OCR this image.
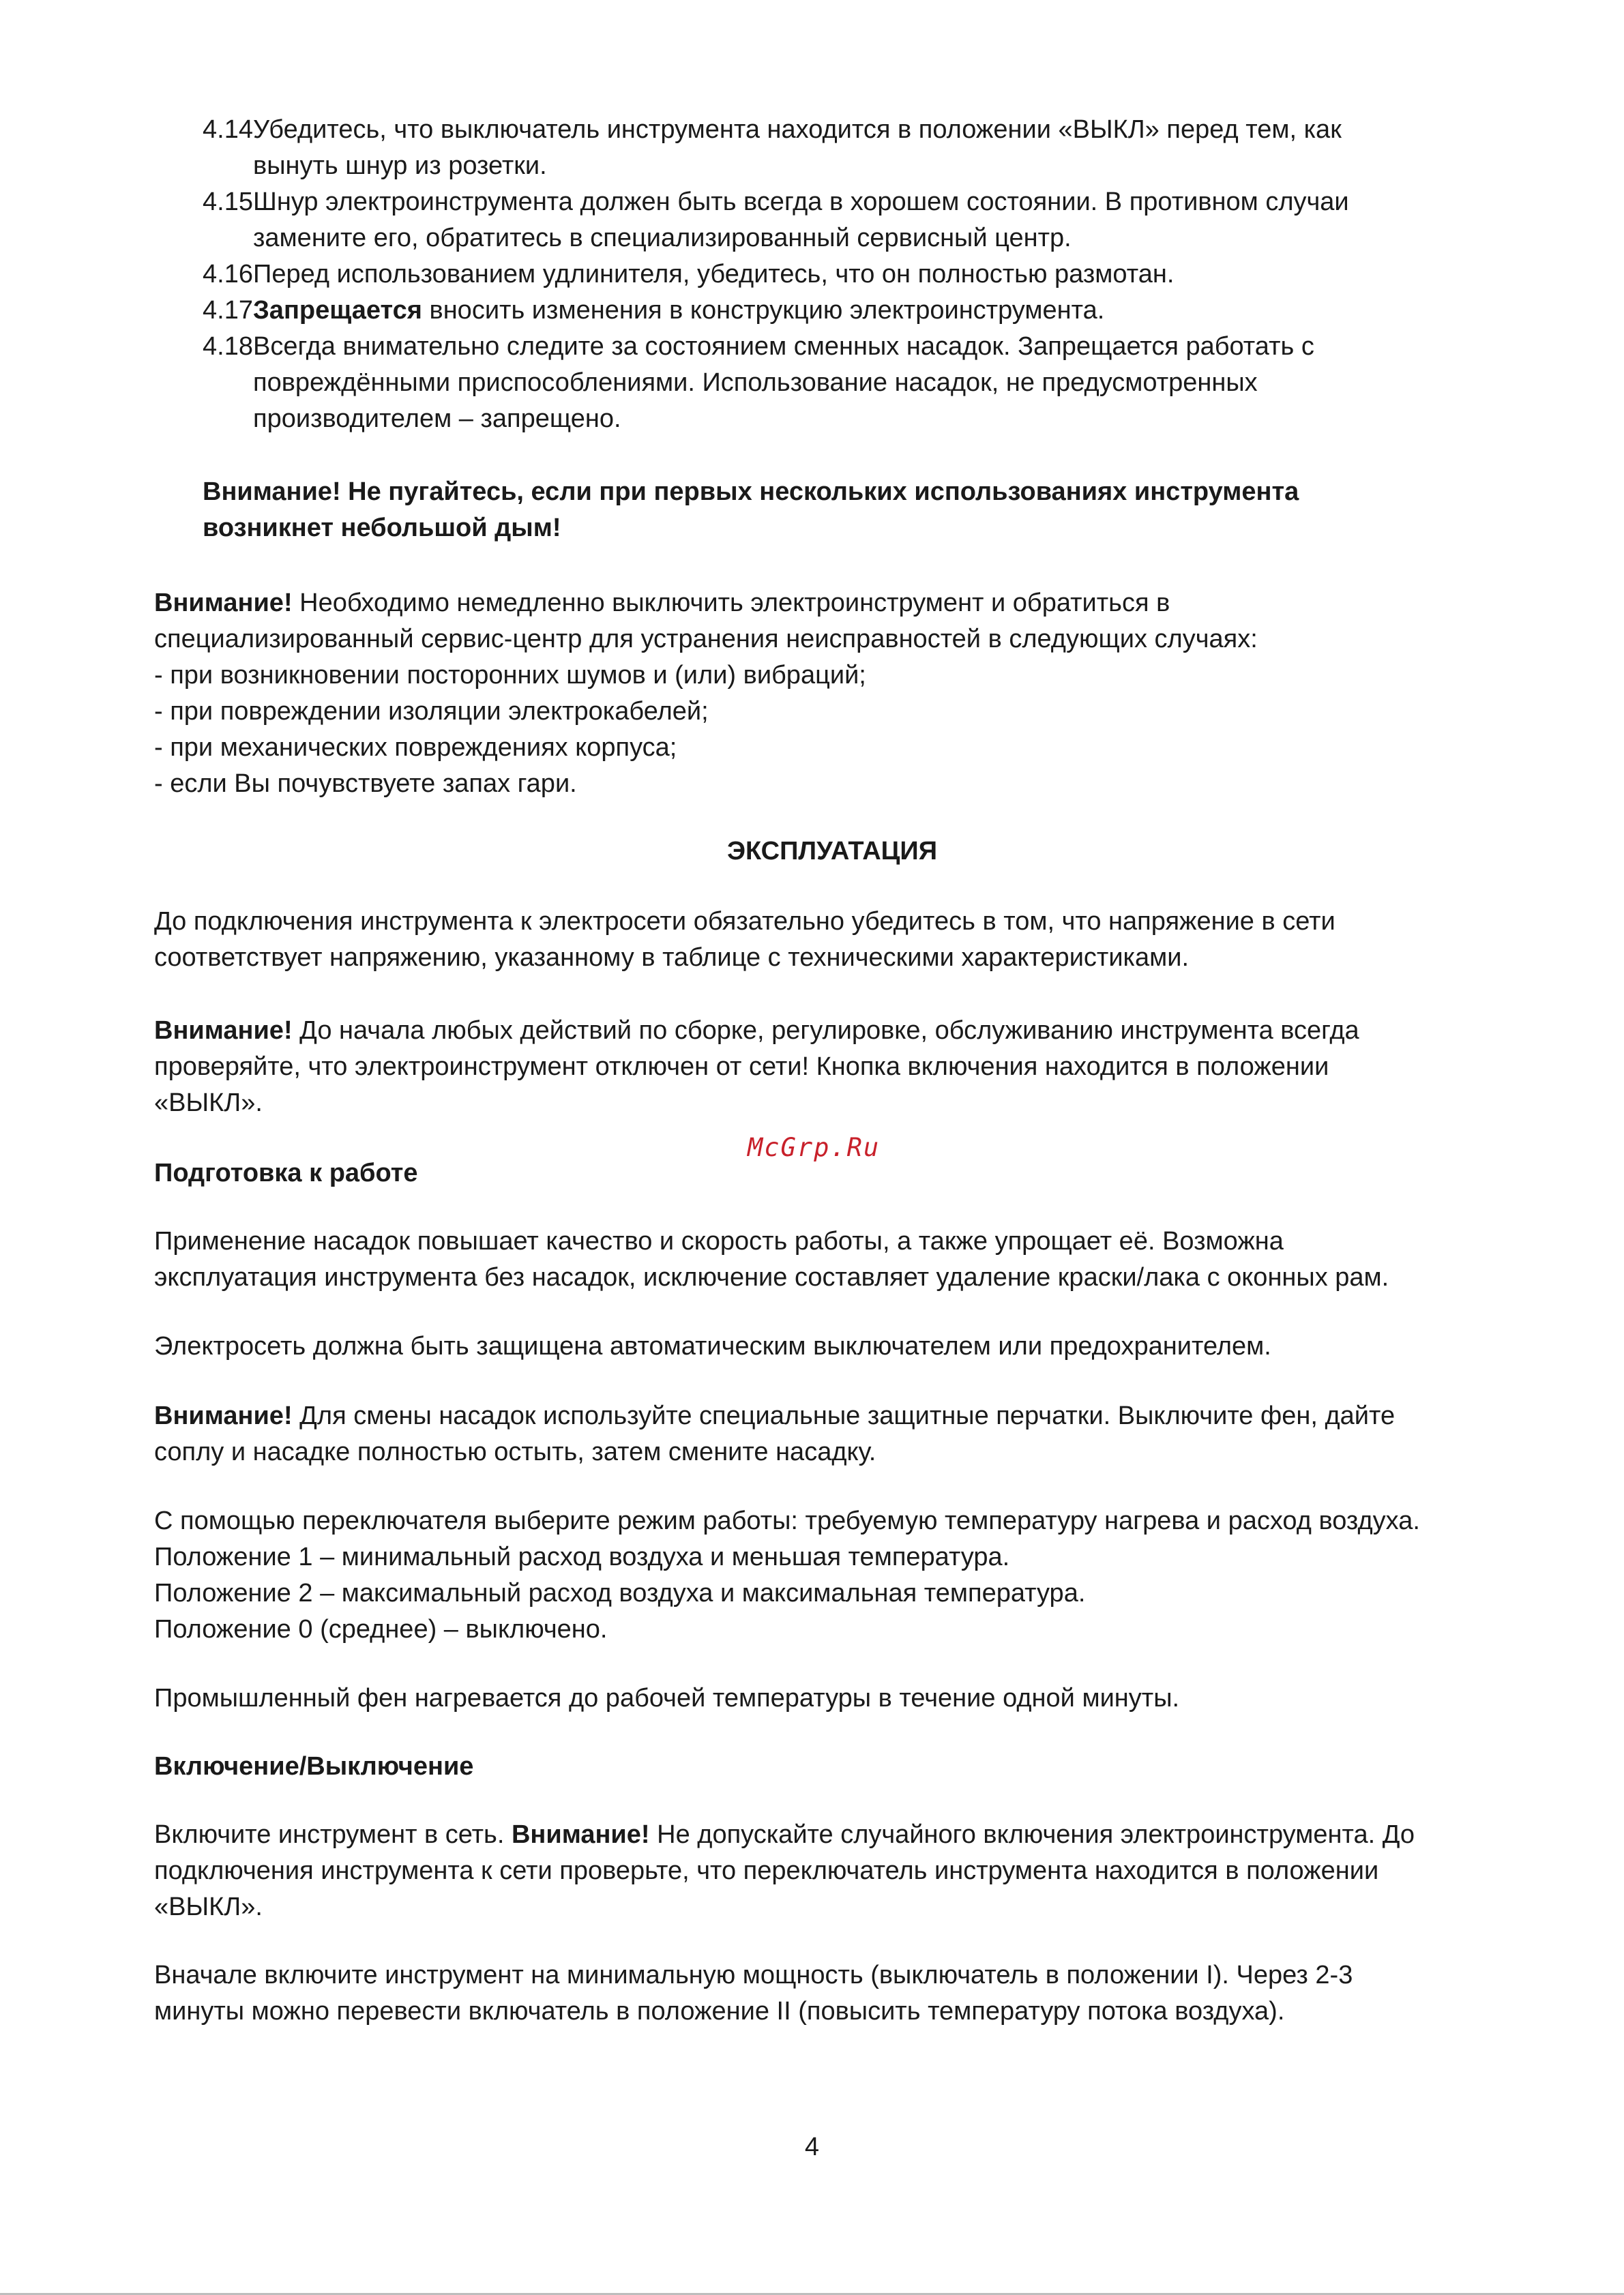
4.14 Убедитесь, что выключатель инструмента находится в положении «ВЫКЛ» перед тем, как

вынуть шнур из розетки.

4.15 Шнур электроинструмента должен быть всегда в хорошем состоянии. В противном случаи

замените его, обратитесь в специализированный сервисный центр.

4.16 Перед использованием удлинителя, убедитесь, что он полностью размотан.

4.17 Запрещается вносить изменения в конструкцию электроинструмента.

4.18 Всегда внимательно следите за состоянием сменных насадок. Запрещается работать с

повреждёнными приспособлениями. Использование насадок, не предусмотренных

производителем – запрещено.

Внимание! Не пугайтесь, если при первых нескольких использованиях инструмента

возникнет небольшой дым!

Внимание! Необходимо немедленно выключить электроинструмент и обратиться в

специализированный сервис-центр для устранения неисправностей в следующих случаях:

- при возникновении посторонних шумов и (или) вибраций;

- при повреждении изоляции электрокабелей;

- при механических повреждениях корпуса;

- если Вы почувствуете запах гари.

ЭКСПЛУАТАЦИЯ

До подключения инструмента к электросети обязательно убедитесь в том, что напряжение в сети

соответствует напряжению, указанному в таблице с техническими характеристиками.

Внимание! До начала любых действий по сборке, регулировке, обслуживанию инструмента всегда

проверяйте, что электроинструмент отключен от сети! Кнопка включения находится в положении

«ВЫКЛ».

McGrp.Ru
Подготовка к работе

Применение насадок повышает качество и скорость работы, а также упрощает её. Возможна

эксплуатация инструмента без насадок, исключение составляет удаление краски/лака с оконных рам.

Электросеть должна быть защищена автоматическим выключателем или предохранителем.

Внимание! Для смены насадок используйте специальные защитные перчатки. Выключите фен, дайте

соплу и насадке полностью остыть, затем смените насадку.

С помощью переключателя выберите режим работы: требуемую температуру нагрева и расход воздуха.

Положение 1 – минимальный расход воздуха и меньшая температура.

Положение 2 – максимальный расход воздуха и максимальная температура.

Положение 0 (среднее) – выключено.

Промышленный фен нагревается до рабочей температуры в течение одной минуты.
Включение/Выключение

Включите инструмент в сеть. Внимание! Не допускайте случайного включения электроинструмента. До

подключения инструмента к сети проверьте, что переключатель инструмента находится в положении

«ВЫКЛ».

Вначале включите инструмент на минимальную мощность (выключатель в положении I). Через 2-3

минуты можно перевести включатель в положение II (повысить температуру потока воздуха).

4
